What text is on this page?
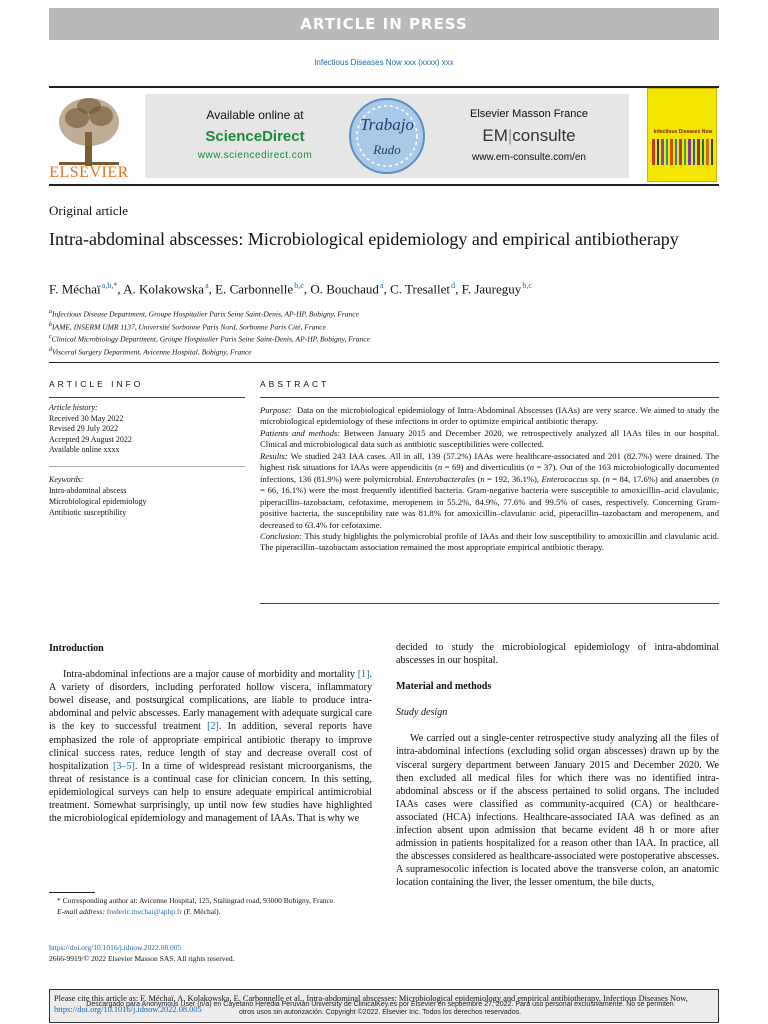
ARTICLE IN PRESS
Infectious Diseases Now xxx (xxxx) xxx
ELSEVIER
Available online at
ScienceDirect
www.sciencedirect.com
Elsevier Masson France
EM|consulte
www.em-consulte.com/en
Trabajo
Rudo
Infectious Diseases Now
Original article
Intra-abdominal abscesses: Microbiological epidemiology and empirical antibiotherapy
F. Méchaï $^{a,b,*}$, A. Kolakowska $^a$, E. Carbonnelle $^{b,c}$, O. Bouchaud $^a$, C. Tresallet $^d$, F. Jaureguy $^{b,c}$
$^a$Infectious Disease Department, Groupe Hospitalier Paris Seine Saint-Denis, AP-HP, Bobigny, France
$^b$IAME, INSERM UMR 1137, Université Sorbonne Paris Nord, Sorbonne Paris Cité, France
$^c$Clinical Microbiology Department, Groupe Hospitalier Paris Seine Saint-Denis, AP-HP, Bobigny, France
$^d$Visceral Surgery Department, Avicenne Hospital, Bobigny, France
ARTICLE INFO	ABSTRACT
Article history:
Received 30 May 2022
Revised 29 July 2022
Accepted 29 August 2022
Available online xxxx
Keywords:
Intra-abdominal abscess
Microbiological epidemiology
Antibiotic susceptibility

Purpose: Data on the microbiological epidemiology of Intra-Abdominal Abscesses (IAAs) are very scarce. We aimed to study the microbiological epidemiology of these infections in order to optimize empirical antibiotic therapy.

Patients and methods: Between January 2015 and December 2020, we retrospectively analyzed all IAAs files in our hospital. Clinical and microbiological data such as antibiotic susceptibilities were collected.

Results: We studied 243 IAA cases. All in all, 139 (57.2%) IAAs were healthcare-associated and 201 (82.7%) were drained. The highest risk situations for IAAs were appendicitis (n = 69) and diverticulitis (n = 37). Out of the 163 microbiologically documented infections, 136 (81.9%) were polymicrobial. Enterobacterales (n = 192, 36.1%), Enterococcus sp. (n = 84, 17.6%) and anaerobes (n = 66, 16.1%) were the most frequently identified bacteria. Gram-negative bacteria were susceptible to amoxicillin–acid clavulanic, piperacillin–tazobactam, cefotaxime, meropenem in 55.2%, 84.9%, 77.6% and 99.5% of cases, respectively. Concerning Gram-positive bacteria, the susceptibility rate was 81.8% for amoxicillin–clavulanic acid, piperacillin–tazobactam and meropenem, and decreased to 63.4% for cefotaxime.

Conclusion: This study highlights the polymicrobial profile of IAAs and their low susceptibility to amoxicillin and clavulanic acid. The piperacillin–tazobactam association remained the most appropriate empirical antibiotic therapy.

Introduction

Intra-abdominal infections are a major cause of morbidity and mortality [1]. A variety of disorders, including perforated hollow viscera, inflammatory bowel disease, and postsurgical complications, are liable to produce intra-abdominal and pelvic abscesses. Early management with adequate surgical care is the key to successful treatment [2]. In addition, several reports have emphasized the role of appropriate empirical antibiotic therapy to improve clinical success rates, reduce length of stay and decrease overall cost of hospitalization [3–5]. In a time of widespread resistant microorganisms, the threat of resistance is a continual case for clinician concern. In this setting, epidemiological surveys can help to ensure adequate empirical antimicrobial treatment. Somewhat surprisingly, up until now few studies have highlighted the microbiological epidemiology and management of IAAs. That is why we

decided to study the microbiological epidemiology of intra-abdominal abscesses in our hospital.

Material and methods
Study design

We carried out a single-center retrospective study analyzing all the files of intra-abdominal infections (excluding solid organ abscesses) drawn up by the visceral surgery department between January 2015 and December 2020. We then excluded all medical files for which there was no identified intra-abdominal abscess or if the abscess pertained to solid organs. The included IAAs cases were classified as community-acquired (CA) or healthcare-associated (HCA) infections. Healthcare-associated IAA was defined as an infection absent upon admission that became evident 48 h or more after admission in patients hospitalized for a reason other than IAA. In practice, all the abscesses considered as healthcare-associated were postoperative abscesses. A supramesocolic infection is located above the transverse colon, an anatomic location containing the liver, the lesser omentum, the bile ducts,

* Corresponding author at: Avicenne Hospital, 125, Stalingrad road, 93000 Bobigny, France.
E-mail address: frederic.mechai@aphp.fr (F. Méchaï).
https://doi.org/10.1016/j.idnow.2022.08.005
2666-9919/© 2022 Elsevier Masson SAS. All rights reserved.
Please cite this article as: F. Méchaï, A. Kolakowska, E. Carbonnelle et al., Intra-abdominal abscesses: Microbiological epidemiology and empirical antibiotherapy, Infectious Diseases Now, https://doi.org/10.1016/j.idnow.2022.08.005
Descargado para Anonymous User (n/a) en Cayetano Heredia Peruvian University de ClinicalKey.es por Elsevier en septiembre 27, 2022. Para uso personal exclusivamente. No se permiten otros usos sin autorización. Copyright ©2022. Elsevier Inc. Todos los derechos reservados.
